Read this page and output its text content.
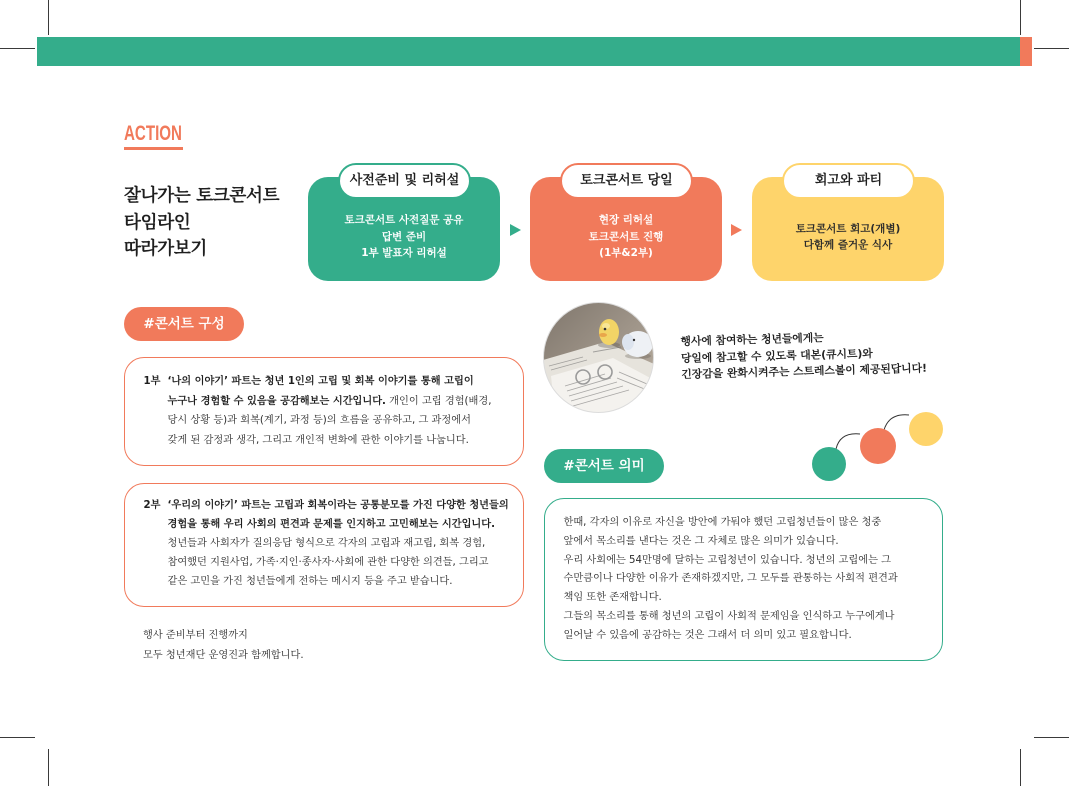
ACTION
잘나가는 토크콘서트
타임라인
따라가보기
사전준비 및 리허설
토크콘서트 사전질문 공유
답변 준비
1부 발표자 리허설
토크콘서트 당일
현장 리허설
토크콘서트 진행
(1부&2부)
회고와 파티
토크콘서트 회고(개별)
다함께 즐거운 식사
#콘서트 구성
1부 ‘나의 이야기’ 파트는 청년 1인의 고립 및 회복 이야기를 통해 고립이
누구나 경험할 수 있음을 공감해보는 시간입니다. 개인이 고립 경험(배경,
당시 상황 등)과 회복(계기, 과정 등)의 흐름을 공유하고, 그 과정에서
갖게 된 감정과 생각, 그리고 개인적 변화에 관한 이야기를 나눕니다.
2부 ‘우리의 이야기’ 파트는 고립과 회복이라는 공통분모를 가진 다양한 청년들의
경험을 통해 우리 사회의 편견과 문제를 인지하고 고민해보는 시간입니다.
청년들과 사회자가 질의응답 형식으로 각자의 고립과 재고립, 회복 경험,
참여했던 지원사업, 가족·지인·종사자·사회에 관한 다양한 의견들, 그리고
같은 고민을 가진 청년들에게 전하는 메시지 등을 주고 받습니다.
행사 준비부터 진행까지
모두 청년재단 운영진과 함께합니다.
행사에 참여하는 청년들에게는
당일에 참고할 수 있도록 대본(큐시트)와
긴장감을 완화시켜주는 스트레스볼이 제공된답니다!
#콘서트 의미
한때, 각자의 이유로 자신을 방안에 가둬야 했던 고립청년들이 많은 청중
앞에서 목소리를 낸다는 것은 그 자체로 많은 의미가 있습니다.
우리 사회에는 54만명에 달하는 고립청년이 있습니다. 청년의 고립에는 그
수만큼이나 다양한 이유가 존재하겠지만, 그 모두를 관통하는 사회적 편견과
책임 또한 존재합니다.
그들의 목소리를 통해 청년의 고립이 사회적 문제임을 인식하고 누구에게나
일어날 수 있음에 공감하는 것은 그래서 더 의미 있고 필요합니다.
